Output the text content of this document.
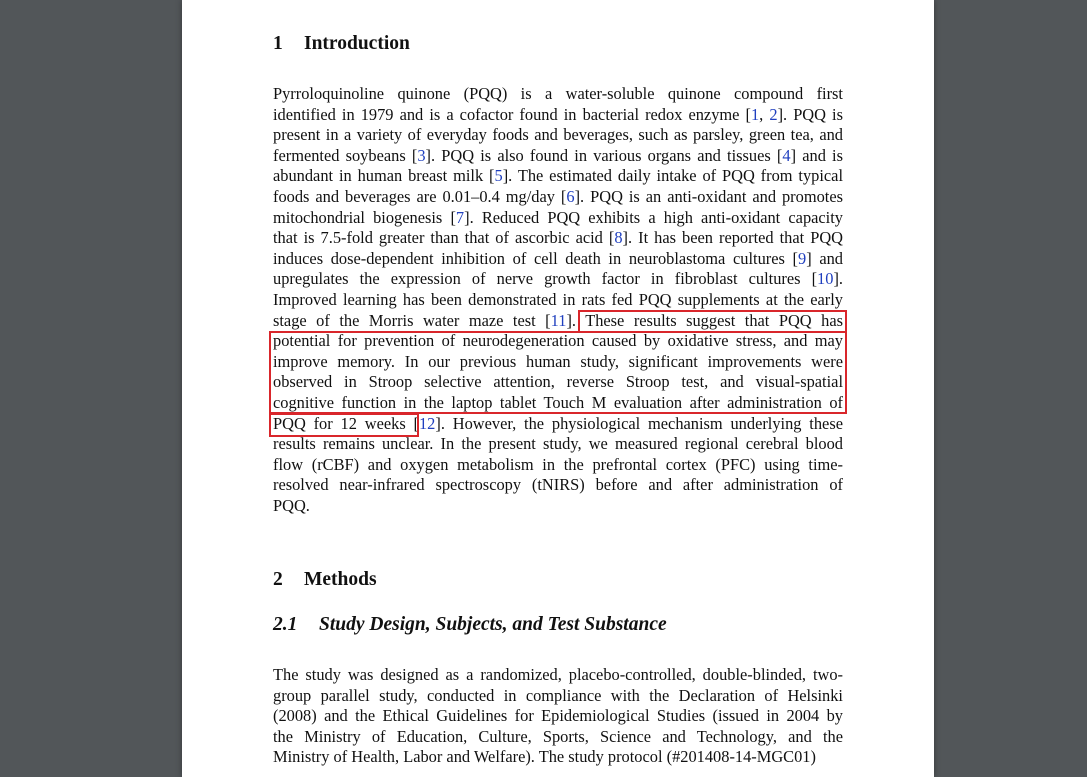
1 Introduction
Pyrroloquinoline quinone (PQQ) is a water-soluble quinone compound first
identified in 1979 and is a cofactor found in bacterial redox enzyme [1, 2]. PQQ is
present in a variety of everyday foods and beverages, such as parsley, green tea, and
fermented soybeans [3]. PQQ is also found in various organs and tissues [4] and is
abundant in human breast milk [5]. The estimated daily intake of PQQ from typical
foods and beverages are 0.01–0.4 mg/day [6]. PQQ is an anti-oxidant and promotes
mitochondrial biogenesis [7]. Reduced PQQ exhibits a high anti-oxidant capacity
that is 7.5-fold greater than that of ascorbic acid [8]. It has been reported that PQQ
induces dose-dependent inhibition of cell death in neuroblastoma cultures [9] and
upregulates the expression of nerve growth factor in fibroblast cultures [10].
Improved learning has been demonstrated in rats fed PQQ supplements at the early
stage of the Morris water maze test [11]. These results suggest that PQQ has
potential for prevention of neurodegeneration caused by oxidative stress, and may
improve memory. In our previous human study, significant improvements were
observed in Stroop selective attention, reverse Stroop test, and visual-spatial
cognitive function in the laptop tablet Touch M evaluation after administration of
PQQ for 12 weeks [12]. However, the physiological mechanism underlying these
results remains unclear. In the present study, we measured regional cerebral blood
flow (rCBF) and oxygen metabolism in the prefrontal cortex (PFC) using time-
resolved near-infrared spectroscopy (tNIRS) before and after administration of
PQQ.
2 Methods
2.1 Study Design, Subjects, and Test Substance
The study was designed as a randomized, placebo-controlled, double-blinded, two-
group parallel study, conducted in compliance with the Declaration of Helsinki
(2008) and the Ethical Guidelines for Epidemiological Studies (issued in 2004 by
the Ministry of Education, Culture, Sports, Science and Technology, and the
Ministry of Health, Labor and Welfare). The study protocol (#201408-14-MGC01)
